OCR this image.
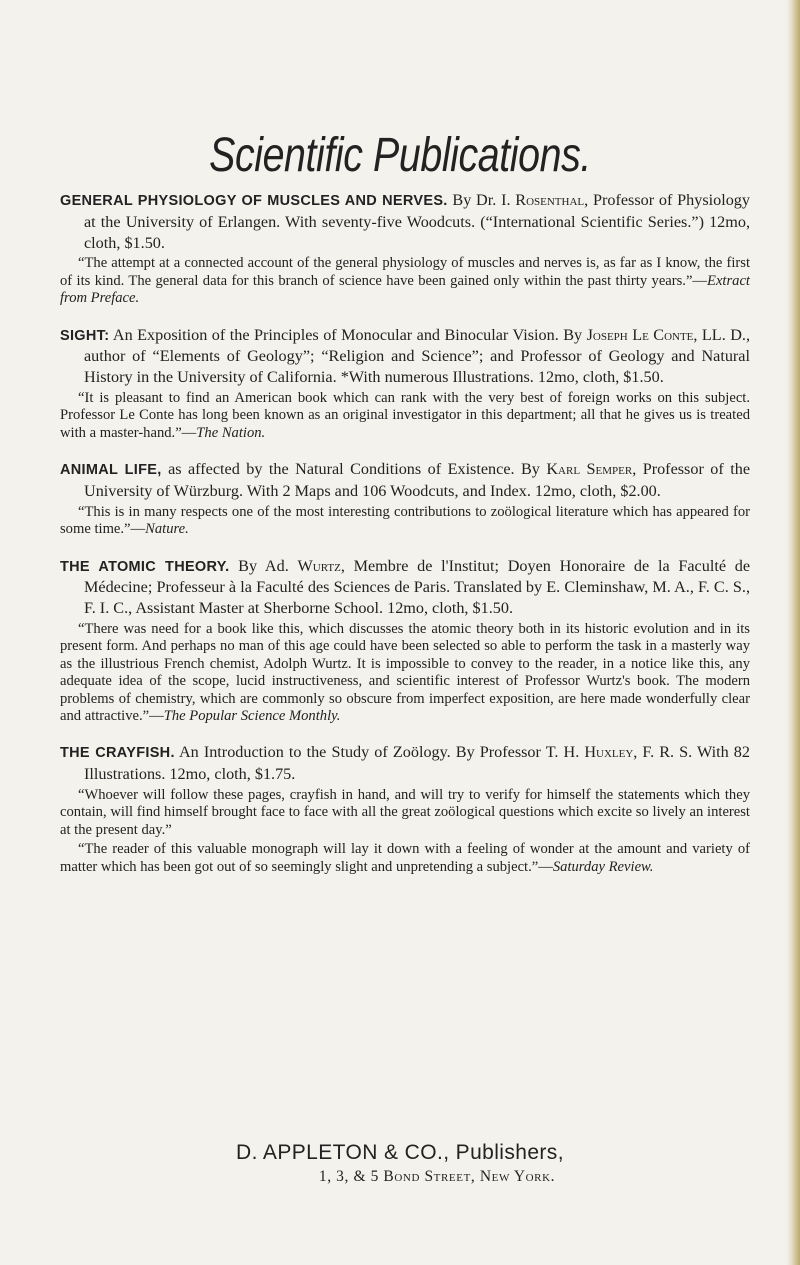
Scientific Publications.

GENERAL PHYSIOLOGY OF MUSCLES AND NERVES. By Dr. I. Rosenthal, Professor of Physiology at the University of Erlangen. With seventy-five Woodcuts. (“International Scientific Series.”) 12mo, cloth, $1.50.

“The attempt at a connected account of the general physiology of muscles and nerves is, as far as I know, the first of its kind. The general data for this branch of science have been gained only within the past thirty years.”—Extract from Preface.

SIGHT: An Exposition of the Principles of Monocular and Binocular Vision. By Joseph Le Conte, LL. D., author of “Elements of Geology”; “Religion and Science”; and Professor of Geology and Natural History in the University of California. *With numerous Illustrations. 12mo, cloth, $1.50.

“It is pleasant to find an American book which can rank with the very best of foreign works on this subject. Professor Le Conte has long been known as an original investigator in this department; all that he gives us is treated with a master-hand.”—The Nation.

ANIMAL LIFE, as affected by the Natural Conditions of Existence. By Karl Semper, Professor of the University of Würzburg. With 2 Maps and 106 Woodcuts, and Index. 12mo, cloth, $2.00.

“This is in many respects one of the most interesting contributions to zoölogical literature which has appeared for some time.”—Nature.

THE ATOMIC THEORY. By Ad. Wurtz, Membre de l'Institut; Doyen Honoraire de la Faculté de Médecine; Professeur à la Faculté des Sciences de Paris. Translated by E. Cleminshaw, M. A., F. C. S., F. I. C., Assistant Master at Sherborne School. 12mo, cloth, $1.50.

“There was need for a book like this, which discusses the atomic theory both in its historic evolution and in its present form. And perhaps no man of this age could have been selected so able to perform the task in a masterly way as the illustrious French chemist, Adolph Wurtz. It is impossible to convey to the reader, in a notice like this, any adequate idea of the scope, lucid instructiveness, and scientific interest of Professor Wurtz's book. The modern problems of chemistry, which are commonly so obscure from imperfect exposition, are here made wonderfully clear and attractive.”—The Popular Science Monthly.

THE CRAYFISH. An Introduction to the Study of Zoölogy. By Professor T. H. Huxley, F. R. S. With 82 Illustrations. 12mo, cloth, $1.75.

“Whoever will follow these pages, crayfish in hand, and will try to verify for himself the statements which they contain, will find himself brought face to face with all the great zoölogical questions which excite so lively an interest at the present day.”

“The reader of this valuable monograph will lay it down with a feeling of wonder at the amount and variety of matter which has been got out of so seemingly slight and unpretending a subject.”—Saturday Review.

D. APPLETON & CO., Publishers,
1, 3, & 5 Bond Street, New York.
